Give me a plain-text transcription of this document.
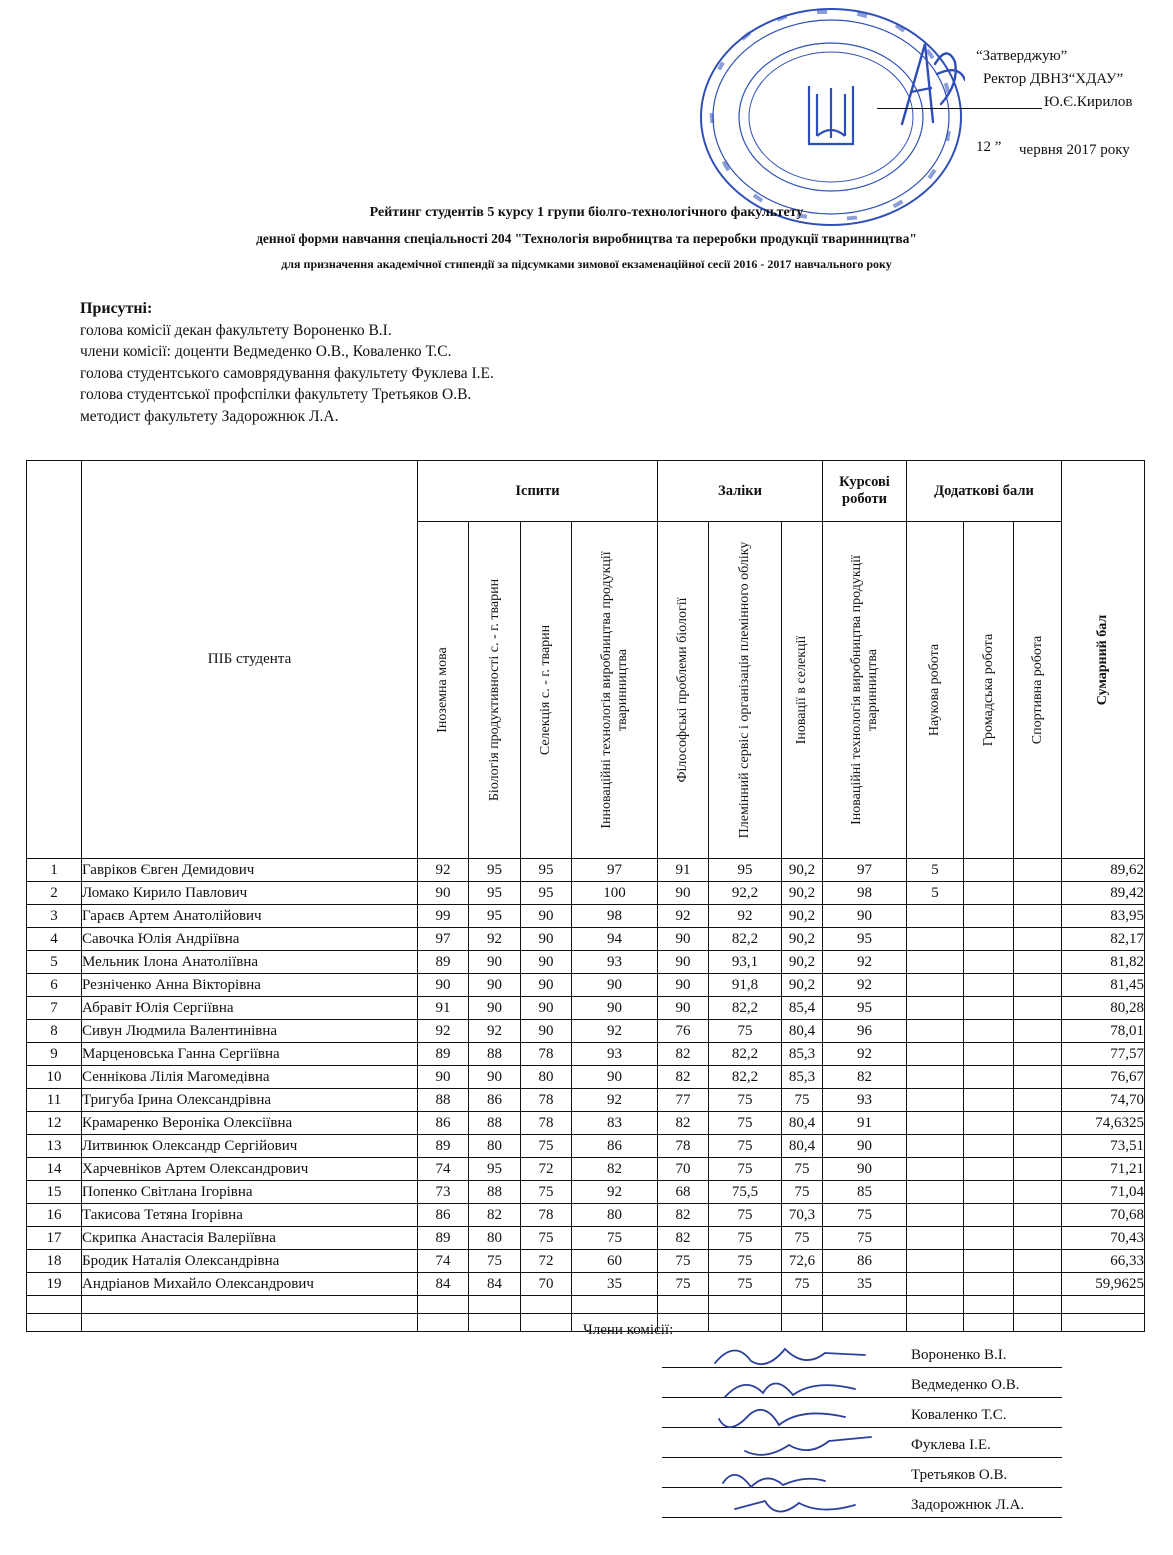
“Затверджую”
Ректор ДВНЗ“ХДАУ”
Ю.Є.Кирилов
12 ” червня 2017 року
Рейтинг студентів 5 курсу 1 групи біолго-технологічного факультету
денної форми навчання спеціальності 204 "Технологія виробництва та переробки продукції тваринництва"
для призначення академічної стипендії за підсумками зимової екзаменаційної сесії 2016 - 2017 навчального року
Присутні:
голова комісії декан факультету Вороненко В.І.
члени комісії: доценти Ведмеденко О.В., Коваленко Т.С.
голова студентського самоврядування факультету Фуклева І.Е.
голова студентської профспілки факультету Третьяков О.В.
методист факультету Задорожнюк Л.А.
	ПІБ студента	Іспити				Заліки			Курсові роботи	Додаткові бали			Сумарний бал

		Іноземна мова	Біологія продуктивності с. - г. тварин	Селекція с. - г. тварин	Інноваційні технологія виробництва продукції тваринництва	Філософські проблеми біології	Племінний сервіс і організація племінного обліку	Іновації в селекції	Іноваційні технологія виробництва продукції тваринництва	Наукова робота	Громадська робота	Спортивна робота	

1	Гавріков Євген Демидович	92	95	95	97	91	95	90,2	97	5			89,62
2	Ломако Кирило Павлович	90	95	95	100	90	92,2	90,2	98	5			89,42
3	Гараєв Артем Анатолійович	99	95	90	98	92	92	90,2	90				83,95
4	Савочка Юлія Андріївна	97	92	90	94	90	82,2	90,2	95				82,17
5	Мельник Ілона Анатоліївна	89	90	90	93	90	93,1	90,2	92				81,82
6	Резніченко Анна Вікторівна	90	90	90	90	90	91,8	90,2	92				81,45
7	Абравіт Юлія Сергіївна	91	90	90	90	90	82,2	85,4	95				80,28
8	Сивун Людмила Валентинівна	92	92	90	92	76	75	80,4	96				78,01
9	Марценовська Ганна Сергіївна	89	88	78	93	82	82,2	85,3	92				77,57
10	Сеннікова Лілія Магомедівна	90	90	80	90	82	82,2	85,3	82				76,67
11	Тригуба Ірина Олександрівна	88	86	78	92	77	75	75	93				74,70
12	Крамаренко Вероніка Олексіївна	86	88	78	83	82	75	80,4	91				74,6325
13	Литвинюк Олександр Сергійович	89	80	75	86	78	75	80,4	90				73,51
14	Харчевніков Артем Олександрович	74	95	72	82	70	75	75	90				71,21
15	Попенко Світлана Ігорівна	73	88	75	92	68	75,5	75	85				71,04
16	Такисова Тетяна Ігорівна	86	82	78	80	82	75	70,3	75				70,68
17	Скрипка Анастасія Валеріївна	89	80	75	75	82	75	75	75				70,43
18	Бродик Наталія Олександрівна	74	75	72	60	75	75	72,6	86				66,33
19	Андріанов Михайло Олександрович	84	84	70	35	75	75	75	35				59,9625

Члени комісії:
Вороненко В.І.
Ведмеденко О.В.
Коваленко Т.С.
Фуклева І.Е.
Третьяков О.В.
Задорожнюк Л.А.
